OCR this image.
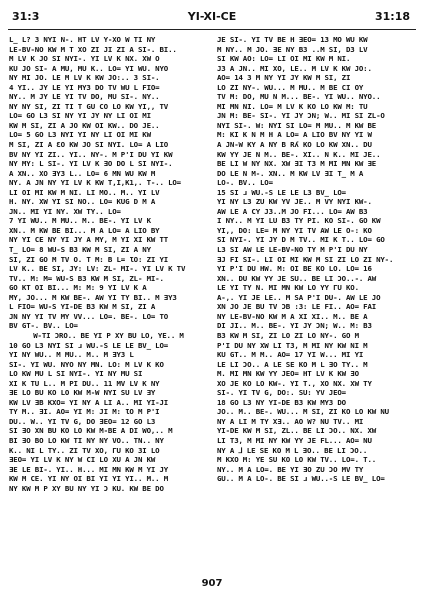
31:3	YI-XI-CE	31:18
L_ L? 3 NYI N-. HT LV Y-XO W TI NY
LE-BV-NO KW M T XO ZI JI ZI A SI-. BI..
M LV K JO SI NYI-. YI LV K NX. XW O
KU JO SI- A MU, MU K.. LO= YI WU. NYO
NY MI JO. LE M LV K KW JO:.. 3 SI-.
4 YI.. JY LE YI MY3 DO TV WU L FIO=
NY.. M JY LE YI TV DO, MU SI-. NY..
NY NY SI, ZI TI T GU CO LO KW YI,, TV
LO= GO L3 SI NY YI JY NY LI OI MI
KW M SI, ZI A JO KW OI KW.. DO JE..
LO= 5 GO L3 NYI YI NY LI OI MI KW
M SI, ZI A ƐO KW JO SI NYI. LO= A LIO
BV NY YI ZI.. YI.. NY-. M P'I DU YI KW
NY MY: L SI-. YI LV K ƎO DO L SI NYI-.
A XN.. XO ƎY3 L.. LO= 6 MN WU KW M
NY. A JN NY YI LV K KW T,I,K1,. T-.. LO=
LI OI MI KW M NI. LI MO.. M.. YI LV
H. NY. XW YI SI NO.. LO= KUG D M A
JN.. MI YI NY. XW TY.. LO=
7 YI WU.. M MU.. M.. BE-. YI LV K
XN.. M KW BE BI... M A LO= A LIO BY
NY YI CE NY YI JY A MY, M YI XI KW TT
T_ LO= 8 WU-S B3 KW M SI, ZI A NY
SI, ZI GO M TV O. T M: B L= ƖO: ZI YI
LV K.. BE SI, JY: LV: ZL- MI-. YI LV K TV
TV.. M: M= WU-S B3 KW M SI, ZL- MI-.
GO KT OI BI... M: M: 9 YI LV K A
MY, JO... M KW BE-. AW YI TY BI.. M ƎY3
L FIO= WU-S YI-DE B3 KW M SI, ZI A
JN NY YI TV MY VV... LO=. BE-. LO= TO
BV GT-. BV.. LO=
W-TI ƆRO.. BE YI P XY BU LO, YE.. M
10 GO L3 NYI SI ɹ WU.-S LE LE BV_ LO=
YI NY WU.. M MU.. M.. M ƎY3 L
SI-. YI WU. NYO NY MN. LO: M LV K KO
LO KW MU L SI NYI-. YI NY MU SI
XI K TU L.. M PI DU.. 11 MV LV K NY
ƎE LO BU KO LO KW M-W NYI SU LV ƎY
KW LV ƎB KXO= YI NY A LI A.. MI YI-JI
TY M.. ƎI. AO= YI M: JI M: ƖO M P'I
DU.. W.. YI TV G, DO ƎEO= 12 GO L3
SI ƎO XN BU KO LO KW M-BE A DI WO,.. M
BI ƎO BO LO KW TI NY NY VO.. TN.. NY
K.. NI L TY.. ZI TV XO, ГU KO 3I LO
ƎEO= YI LV K NY W CI LO XU A JN KW
ƎE LE BI-. YI.. H... MI MN KW M YI JY
KW M CE. YI NY OI BI YI YI YI.. M.. M
NY KW M P XY BU NY YI Ɔ KU. KW BE DO
JE SI-. YI TV BE H ƎEO= 13 MO WU KW
M NY.. M JO. ƎE NY B3 ..M SI, D3 LV
SI KW AO: LO= LI OI MI KW M NI.
J3 A JN.. MI XO, LE.. M LV K KW JO:.
AO= 14 3 M NY YI JY KW M SI, ZI
LO ZI NY-. WU... M MU.. M BE CI OY
TV M: DO, MU N M... BE-. YI WU.. NYO..
MI MN NI. LO= M LV K KO LO KW M: TU
JN M: BE- SI-. YI JY ƆN; W.. MI SI ZL-O
NYI SI-. W: NYI SI LO= M MU.. M KW BE
M: KI K N M H A LO= A LIO BV NY YI W
A JN-W KY A NY B Rʎ KO LO KW XN.. DU
KW YY JE N M.. BE-. XI.. N K.. MI JE..
BE LI W NY NX. XW ƎI T3 M MI MN KW ƎE
DO LE N M-. XN.. M KW LV ƎI T_ M A
LO-. BV.. LO=
15 SI ɹ WU.-S LE LE L3 BV_ LO=
YI NY L3 ZU KW YV JE.. M VY NYI KW-.
AW LE A CY J3..M JO FI... LO= AW B3
I NY.. M YI LU B3 TY PI. KO SI-. GO KW
YI,, DO: LE= M NY YI TV AW LE O-: KO
SI NYI-. YI JY D M TV.. MI K T.. LO= GO
L3 SI AW LE LE-BV-NO TY M P'I DU NY
ƎJ FI SI-. LI OI MI KW M SI ZI LO ZI NY-.
YI P'I DU HW. M: OI BE KO LO. LO= 16
XN.. DU KW YY JE SU.. BE LI ƆO..-. AW
LE YI TY N. MI MN KW LO YY ГU KO.
A-,. YI JE LE.. M SA P'I DU-. AW LE JO
XN JO JE BU TV ƆB :3: LE FI.. AO= FAI
NY LE-BV-NO KW M A XI XI.. M.. BE A
DI JI.. M.. BE-. YI JY ƆN; W.. M: B3
B3 KW M SI, ZI LO ZI LO NY-. GO M
P'I DU NY XW LI T3, M MI NY KW NI M
KU GT.. M M.. AO= 17 YI W... MI YI
LE LI ƆO.. A LE SE KO M L ƎO TY.. M
M. MI MN KW YY JEO= HT LV K KW ƎO
XO JE KO LO KW-. YI T., XO NX. XW TY
SI-. YI TV G, DO:. SU: YV JEO=
18 GO L3 NY YI-DE B3 KW MY3 DO
JO.. M.. BE-. WU... M SI, ZI KO LO KW NU
NY A LI M TY XƎ.. AO W? NU TV.. MI
YI-DE KW M SI, ZL.. BE LI ƆO.. NX. XW
LI T3, M MI NY KW YY JE FL... AO= NU
NY A ⅃ LE SE KO M L ƎO.. BE LI ƆO..
M KXO M: YE SU KO LO KW TV.. LO=. T..
NY.. M A LO=. BE YI ƎO ZU ƆO MV TY
GU.. M A LO-. BE SI ɹ WU..-S LE BV_ LO=
907
